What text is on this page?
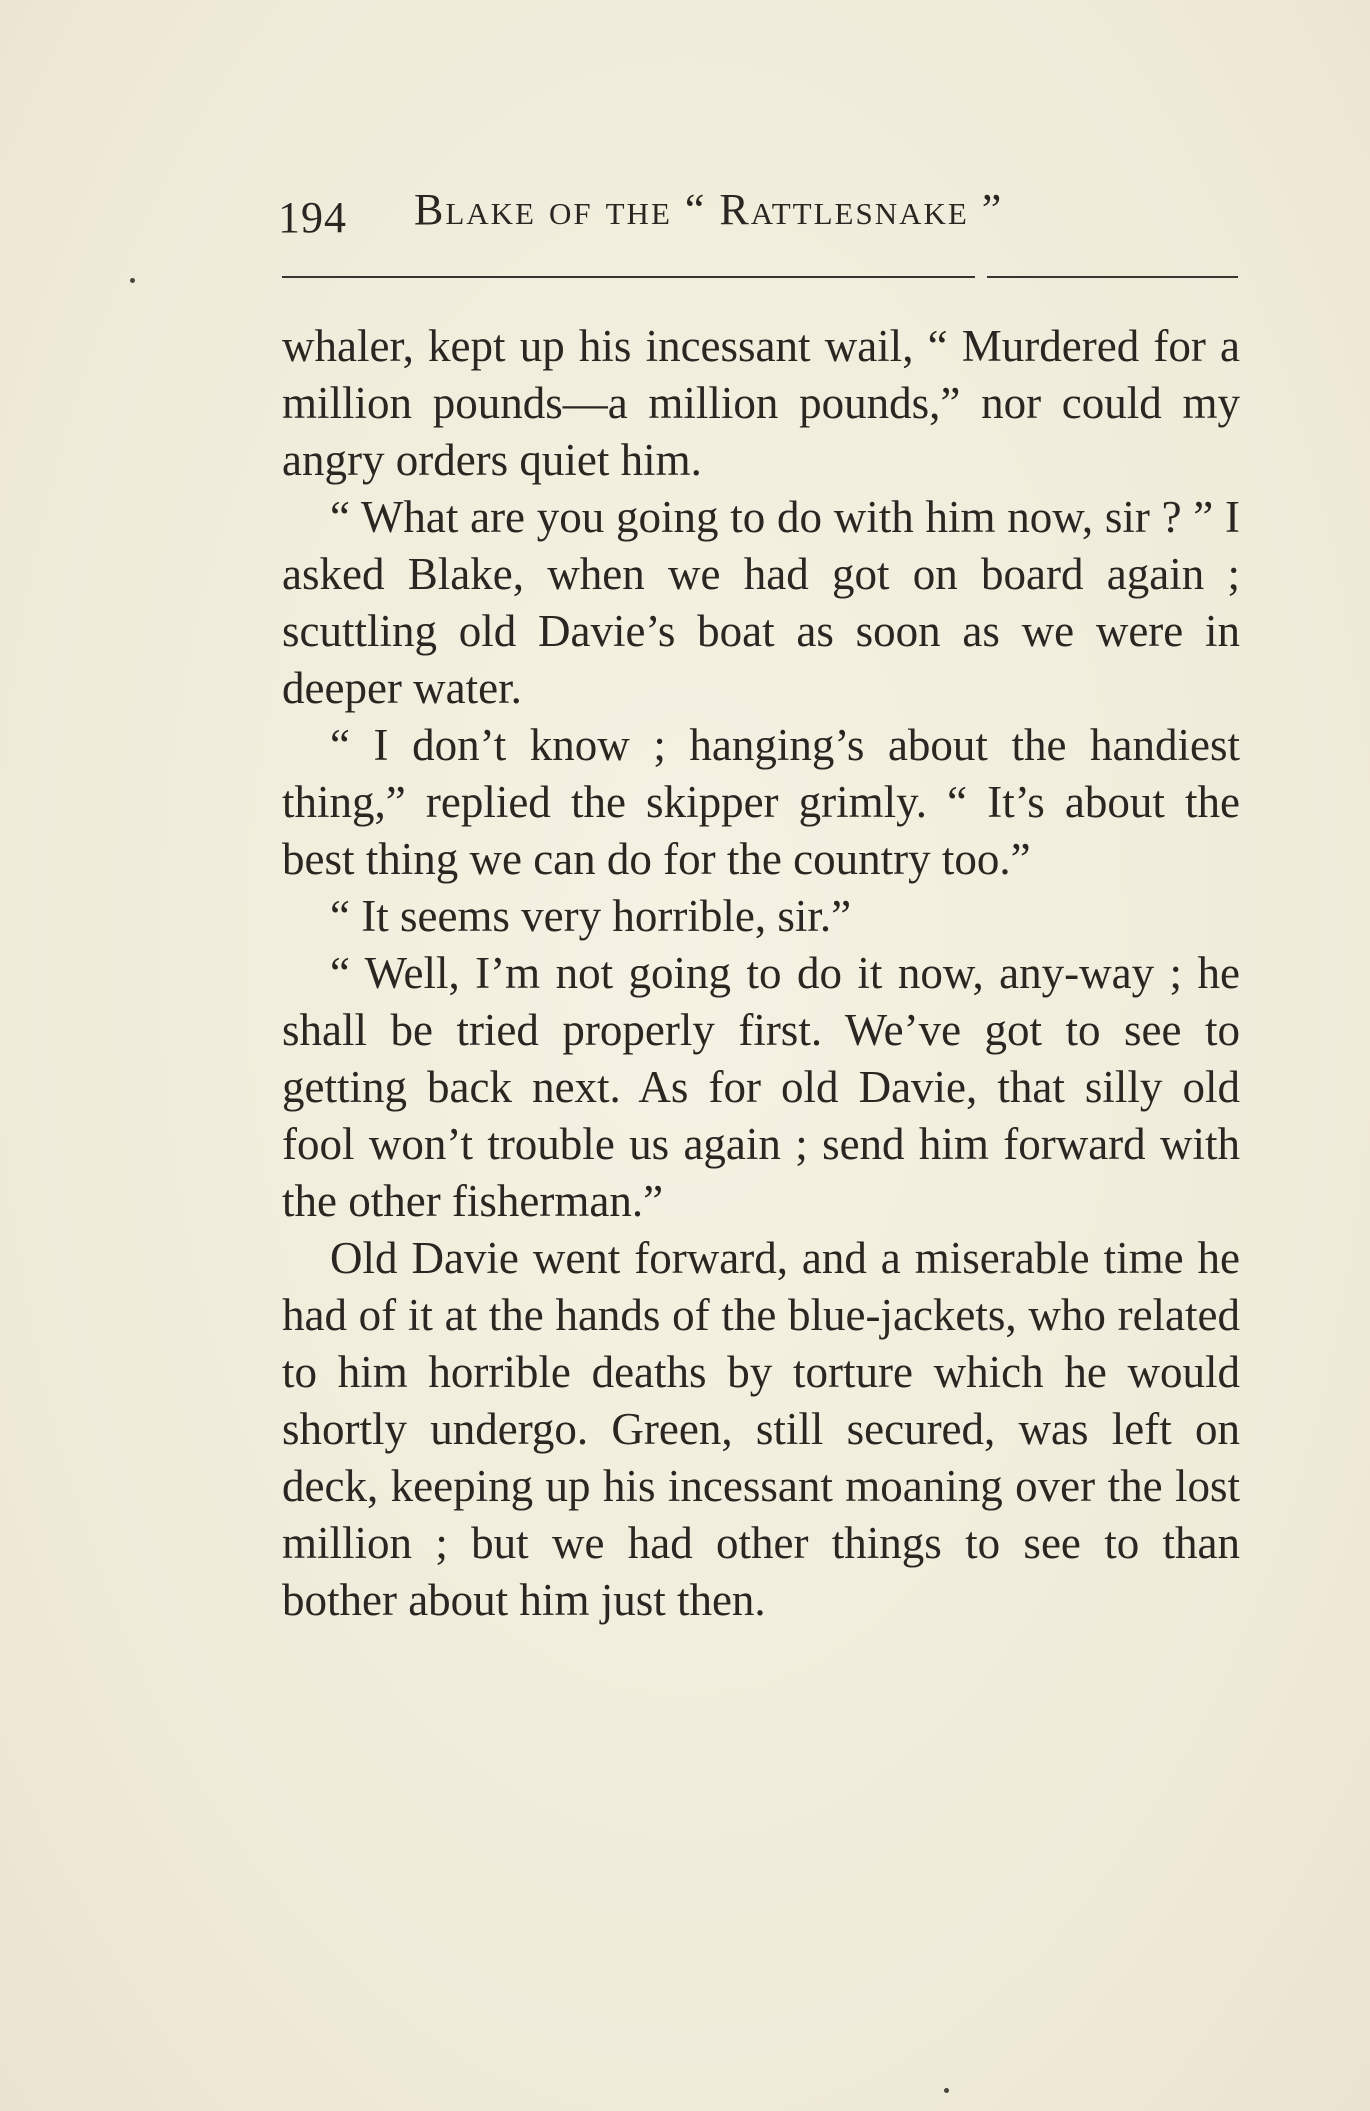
194 Blake of the “ Rattlesnake ”

whaler, kept up his incessant wail, “ Murdered for a million pounds—a million pounds,” nor could my angry orders quiet him.

“ What are you going to do with him now, sir ? ” I asked Blake, when we had got on board again ; scuttling old Davie’s boat as soon as we were in deeper water.

“ I don’t know ; hanging’s about the handiest thing,” replied the skipper grimly. “ It’s about the best thing we can do for the country too.”

“ It seems very horrible, sir.”

“ Well, I’m not going to do it now, any-way ; he shall be tried properly first. We’ve got to see to getting back next. As for old Davie, that silly old fool won’t trouble us again ; send him forward with the other fisherman.”

Old Davie went forward, and a miserable time he had of it at the hands of the blue-jackets, who related to him horrible deaths by torture which he would shortly undergo. Green, still secured, was left on deck, keeping up his incessant moaning over the lost million ; but we had other things to see to than bother about him just then.
